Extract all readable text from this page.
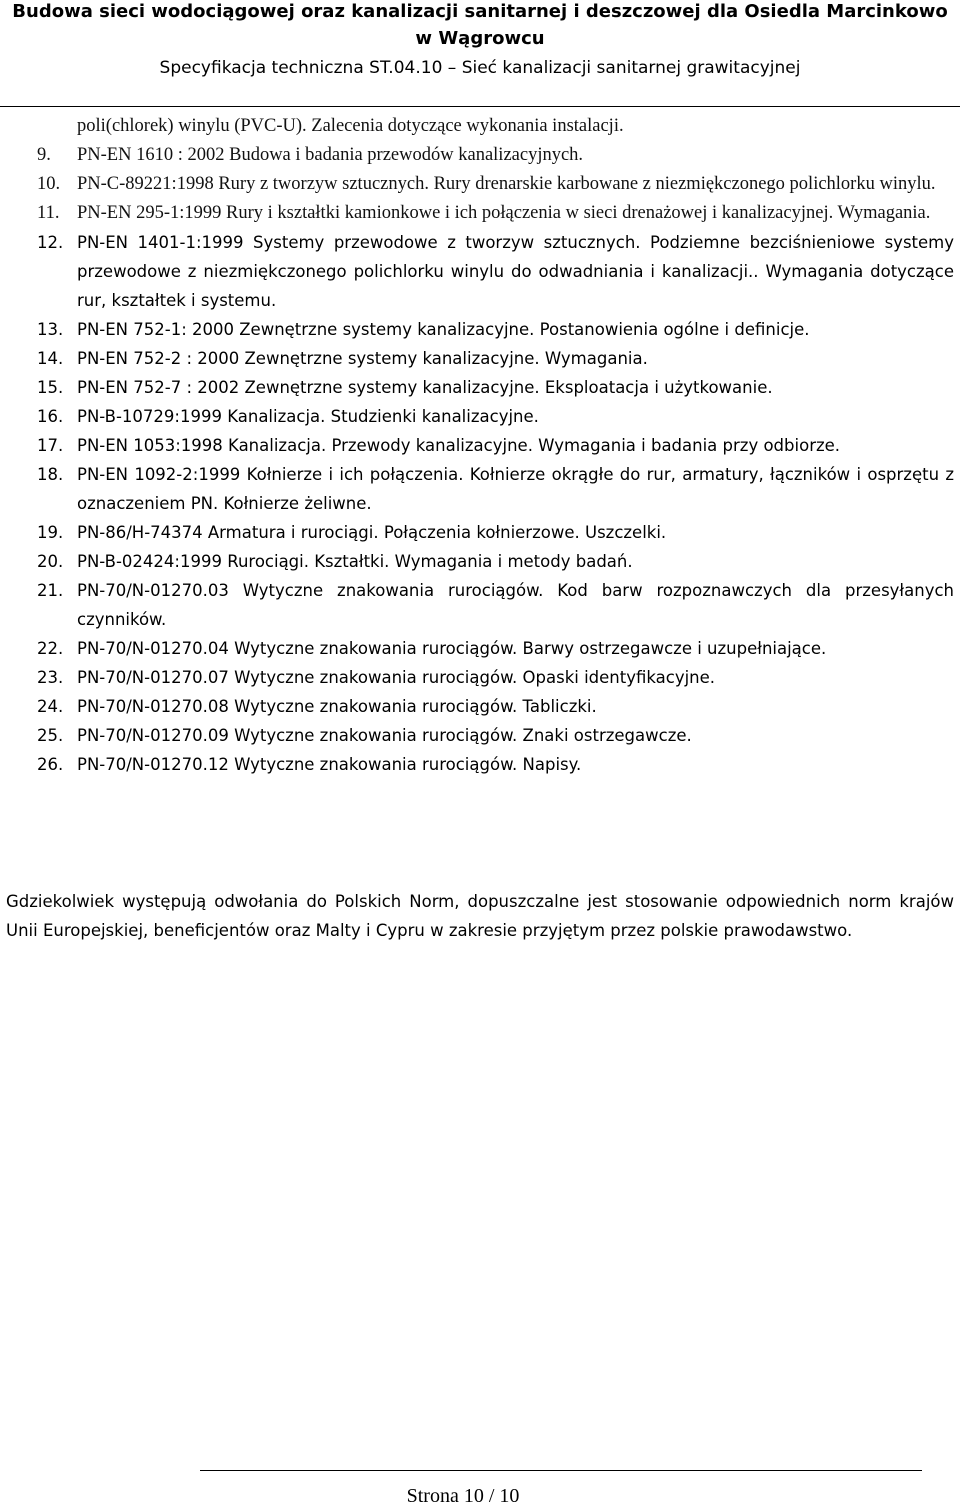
Budowa sieci wodociągowej oraz kanalizacji sanitarnej i deszczowej dla Osiedla Marcinkowo
w Wągrowcu
Specyfikacja techniczna ST.04.10 – Sieć kanalizacji sanitarnej grawitacyjnej
poli(chlorek) winylu (PVC-U). Zalecenia dotyczące wykonania instalacji.
9. PN-EN 1610 : 2002 Budowa i badania przewodów kanalizacyjnych.
10. PN-C-89221:1998 Rury z tworzyw sztucznych. Rury drenarskie karbowane z niezmiękczonego polichlorku winylu.
11. PN-EN 295-1:1999 Rury i kształtki kamionkowe i ich połączenia w sieci drenażowej i kanalizacyjnej. Wymagania.
12. PN-EN 1401-1:1999 Systemy przewodowe z tworzyw sztucznych. Podziemne bezciśnieniowe systemy przewodowe z niezmiękczonego polichlorku winylu do odwadniania i kanalizacji.. Wymagania dotyczące rur, kształtek i systemu.
13. PN-EN 752-1: 2000 Zewnętrzne systemy kanalizacyjne. Postanowienia ogólne i definicje.
14. PN-EN 752-2 : 2000 Zewnętrzne systemy kanalizacyjne. Wymagania.
15. PN-EN 752-7 : 2002 Zewnętrzne systemy kanalizacyjne. Eksploatacja i użytkowanie.
16. PN-B-10729:1999 Kanalizacja. Studzienki kanalizacyjne.
17. PN-EN 1053:1998 Kanalizacja. Przewody kanalizacyjne. Wymagania i badania przy odbiorze.
18. PN-EN 1092-2:1999 Kołnierze i ich połączenia. Kołnierze okrągłe do rur, armatury, łączników i osprzętu z oznaczeniem PN. Kołnierze żeliwne.
19. PN-86/H-74374 Armatura i rurociągi. Połączenia kołnierzowe. Uszczelki.
20. PN-B-02424:1999 Rurociągi. Kształtki. Wymagania i metody badań.
21. PN-70/N-01270.03 Wytyczne znakowania rurociągów. Kod barw rozpoznawczych dla przesyłanych czynników.
22. PN-70/N-01270.04 Wytyczne znakowania rurociągów. Barwy ostrzegawcze i uzupełniające.
23. PN-70/N-01270.07 Wytyczne znakowania rurociągów. Opaski identyfikacyjne.
24. PN-70/N-01270.08 Wytyczne znakowania rurociągów. Tabliczki.
25. PN-70/N-01270.09 Wytyczne znakowania rurociągów. Znaki ostrzegawcze.
26. PN-70/N-01270.12 Wytyczne znakowania rurociągów. Napisy.

Gdziekolwiek występują odwołania do Polskich Norm, dopuszczalne jest stosowanie odpowiednich norm krajów Unii Europejskiej, beneficjentów oraz Malty i Cypru w zakresie przyjętym przez polskie prawodawstwo.

Strona 10 / 10
